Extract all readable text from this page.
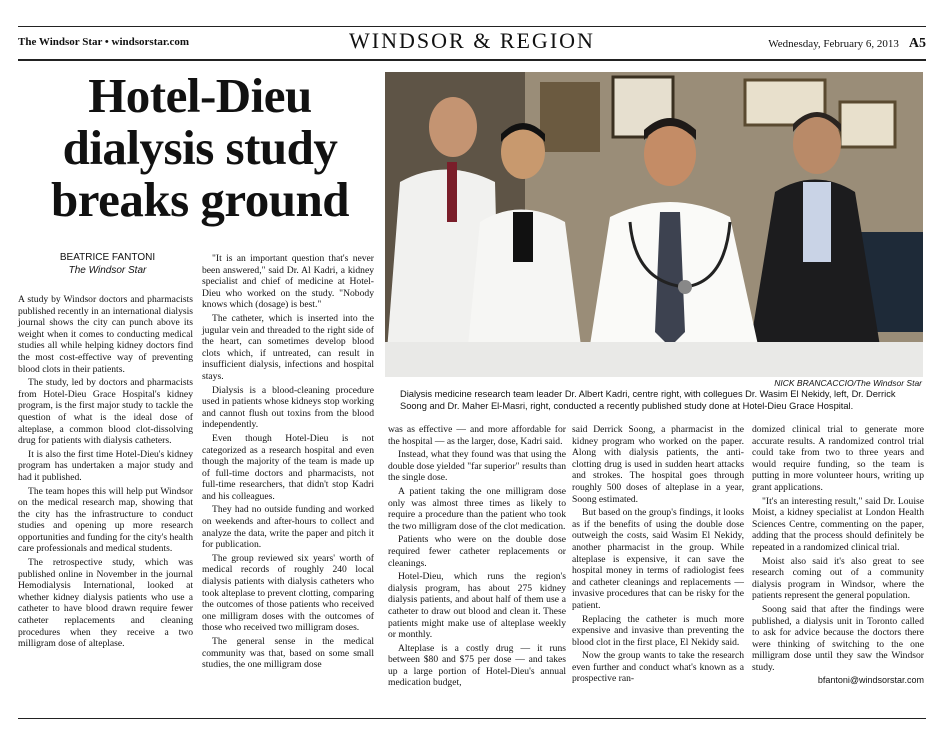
The Windsor Star • windsorstar.com	WINDSOR & REGION	Wednesday, February 6, 2013 A5
Hotel-Dieu dialysis study breaks ground
BEATRICE FANTONI
The Windsor Star

A study by Windsor doctors and pharmacists published recently in an international dialysis journal shows the city can punch above its weight when it comes to conducting medical studies all while helping kidney doctors find the most cost-effective way of preventing blood clots in their patients.

The study, led by doctors and pharmacists from Hotel-Dieu Grace Hospital's kidney program, is the first major study to tackle the question of what is the ideal dose of alteplase, a common blood clot-dissolving drug for patients with dialysis catheters.

It is also the first time Hotel-Dieu's kidney program has undertaken a major study and had it published.

The team hopes this will help put Windsor on the medical research map, showing that the city has the infrastructure to conduct studies and opening up more research opportunities and funding for the city's health care professionals and medical students.

The retrospective study, which was published online in November in the journal Hemodialysis International, looked at whether kidney dialysis patients who use a catheter to have blood drawn require fewer catheter replacements and cleaning procedures when they receive a two milligram dose of alteplase.

"It is an important question that's never been answered," said Dr. Al Kadri, a kidney specialist and chief of medicine at Hotel-Dieu who worked on the study. "Nobody knows which (dosage) is best."

The catheter, which is inserted into the jugular vein and threaded to the right side of the heart, can sometimes develop blood clots which, if untreated, can result in insufficient dialysis, infections and hospital stays.

Dialysis is a blood-cleaning procedure used in patients whose kidneys stop working and cannot flush out toxins from the blood independently.

Even though Hotel-Dieu is not categorized as a research hospital and even though the majority of the team is made up of full-time doctors and pharmacists, not full-time researchers, that didn't stop Kadri and his colleagues.

They had no outside funding and worked on weekends and after-hours to collect and analyze the data, write the paper and pitch it for publication.

The group reviewed six years' worth of medical records of roughly 240 local dialysis patients with dialysis catheters who took alteplase to prevent clotting, comparing the outcomes of those patients who received one milligram doses with the outcomes of those who received two milligram doses.

The general sense in the medical community was that, based on some small studies, the one milligram dose

NICK BRANCACCIO/The Windsor Star
Dialysis medicine research team leader Dr. Albert Kadri, centre right, with collegues Dr. Wasim El Nekidy, left, Dr. Derrick Soong and Dr. Maher El-Masri, right, conducted a recently published study done at Hotel-Dieu Grace Hospital.

was as effective — and more affordable for the hospital — as the larger, dose, Kadri said.

Instead, what they found was that using the double dose yielded "far superior" results than the single dose.

A patient taking the one milligram dose only was almost three times as likely to require a procedure than the patient who took the two milligram dose of the clot medication.

Patients who were on the double dose required fewer catheter replacements or cleanings.

Hotel-Dieu, which runs the region's dialysis program, has about 275 kidney dialysis patients, and about half of them use a catheter to draw out blood and clean it. These patients might make use of alteplase weekly or monthly.

Alteplase is a costly drug — it runs between $80 and $75 per dose — and takes up a large portion of Hotel-Dieu's annual medication budget,

said Derrick Soong, a pharmacist in the kidney program who worked on the paper. Along with dialysis patients, the anti-clotting drug is used in sudden heart attacks and strokes. The hospital goes through roughly 500 doses of alteplase in a year, Soong estimated.

But based on the group's findings, it looks as if the benefits of using the double dose outweigh the costs, said Wasim El Nekidy, another pharmacist in the group. While alteplase is expensive, it can save the hospital money in terms of radiologist fees and catheter cleanings and replacements — invasive procedures that can be risky for the patient.

Replacing the catheter is much more expensive and invasive than preventing the blood clot in the first place, El Nekidy said.

Now the group wants to take the research even further and conduct what's known as a prospective ran-

domized clinical trial to generate more accurate results. A randomized control trial could take from two to three years and would require funding, so the team is putting in more volunteer hours, writing up grant applications.

"It's an interesting result," said Dr. Louise Moist, a kidney specialist at London Health Sciences Centre, commenting on the paper, adding that the process should definitely be repeated in a randomized clinical trial.

Moist also said it's also great to see research coming out of a community dialysis program in Windsor, where the patients represent the general population.

Soong said that after the findings were published, a dialysis unit in Toronto called to ask for advice because the doctors there were thinking of switching to the one milligram dose until they saw the Windsor study.

bfantoni@windsorstar.com
